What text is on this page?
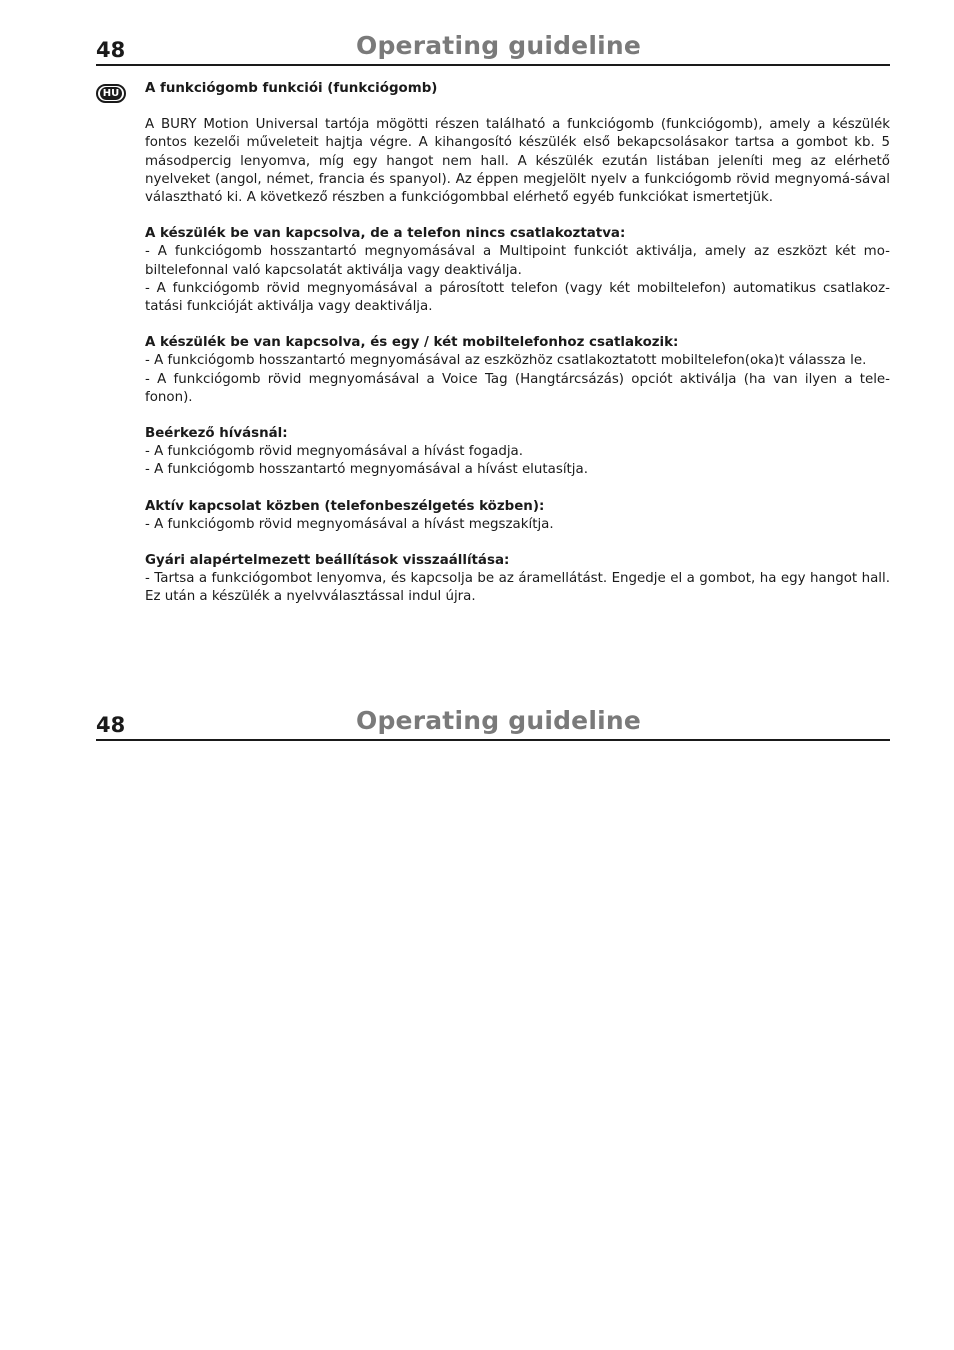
48	Operating guideline
HU A funkciógomb funkciói (funkciógomb)

A BURY Motion Universal tartója mögötti részen található a funkciógomb (funkciógomb), amely a készülék fontos kezelői műveleteit hajtja végre. A kihangosító készülék első bekapcsolásakor tartsa a gombot kb. 5 másodpercig lenyomva, míg egy hangot nem hall. A készülék ezután listában jeleníti meg az elérhető nyelveket (angol, német, francia és spanyol). Az éppen megjelölt nyelv a funkciógomb rövid megnyomá-sával választható ki. A következő részben a funkciógombbal elérhető egyéb funkciókat ismertetjük.

A készülék be van kapcsolva, de a telefon nincs csatlakoztatva:

- A funkciógomb hosszantartó megnyomásával a Multipoint funkciót aktiválja, amely az eszközt két mo-biltelefonnal való kapcsolatát aktiválja vagy deaktiválja.

- A funkciógomb rövid megnyomásával a párosított telefon (vagy két mobiltelefon) automatikus csatlakoz-tatási funkcióját aktiválja vagy deaktiválja.

A készülék be van kapcsolva, és egy / két mobiltelefonhoz csatlakozik:

- A funkciógomb hosszantartó megnyomásával az eszközhöz csatlakoztatott mobiltelefon(oka)t válassza le.

- A funkciógomb rövid megnyomásával a Voice Tag (Hangtárcsázás) opciót aktiválja (ha van ilyen a tele-fonon).

Beérkező hívásnál:

- A funkciógomb rövid megnyomásával a hívást fogadja.

- A funkciógomb hosszantartó megnyomásával a hívást elutasítja.

Aktív kapcsolat közben (telefonbeszélgetés közben):

- A funkciógomb rövid megnyomásával a hívást megszakítja.

Gyári alapértelmezett beállítások visszaállítása:

- Tartsa a funkciógombot lenyomva, és kapcsolja be az áramellátást. Engedje el a gombot, ha egy hangot hall. Ez után a készülék a nyelvválasztással indul újra.

48	Operating guideline
